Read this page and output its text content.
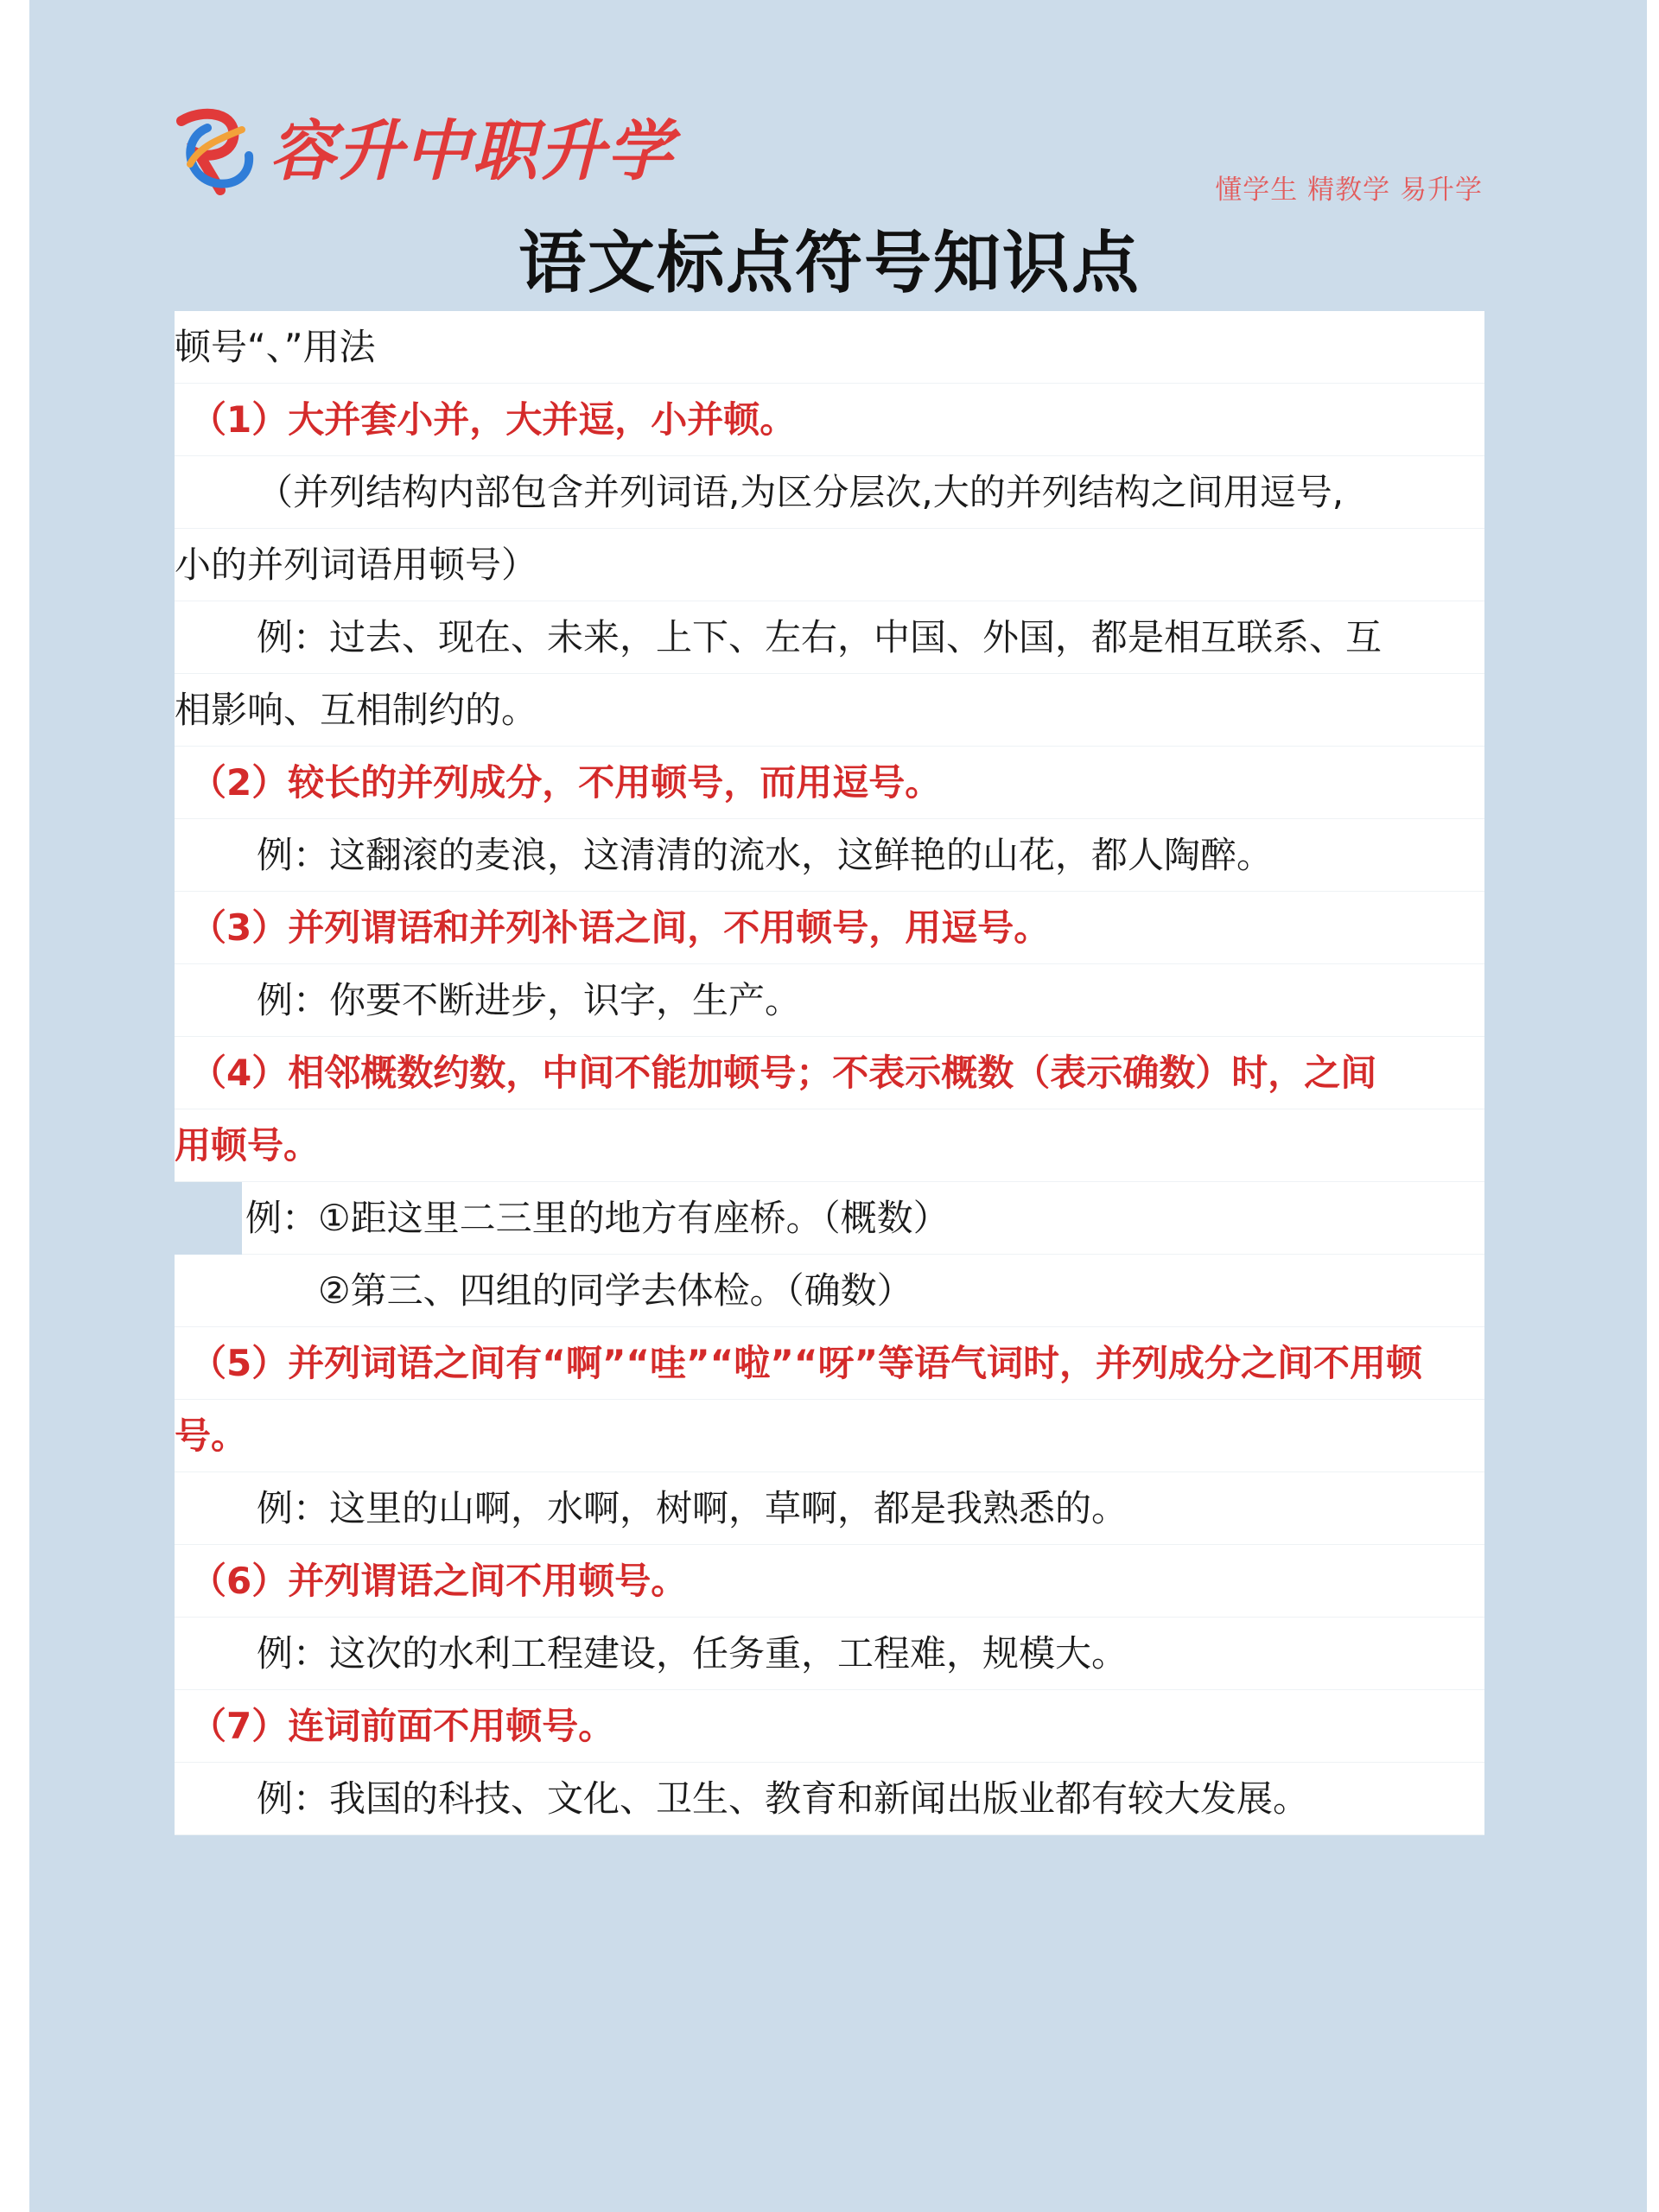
容升中职升学
懂学生 精教学 易升学
语文标点符号知识点
顿号“、”用法
（1）大并套小并，大并逗，小并顿。
（并列结构内部包含并列词语,为区分层次,大的并列结构之间用逗号,
小的并列词语用顿号）
例：过去、现在、未来，上下、左右，中国、外国，都是相互联系、互
相影响、互相制约的。
（2）较长的并列成分，不用顿号，而用逗号。
例：这翻滚的麦浪，这清清的流水，这鲜艳的山花，都人陶醉。
（3）并列谓语和并列补语之间，不用顿号，用逗号。
例：你要不断进步，识字，生产。
（4）相邻概数约数，中间不能加顿号；不表示概数（表示确数）时，之间
用顿号。
例：①距这里二三里的地方有座桥。（概数）
②第三、四组的同学去体检。（确数）
（5）并列词语之间有“啊”“哇”“啦”“呀”等语气词时，并列成分之间不用顿
号。
例：这里的山啊，水啊，树啊，草啊，都是我熟悉的。
（6）并列谓语之间不用顿号。
例：这次的水利工程建设，任务重，工程难，规模大。
（7）连词前面不用顿号。
例：我国的科技、文化、卫生、教育和新闻出版业都有较大发展。
